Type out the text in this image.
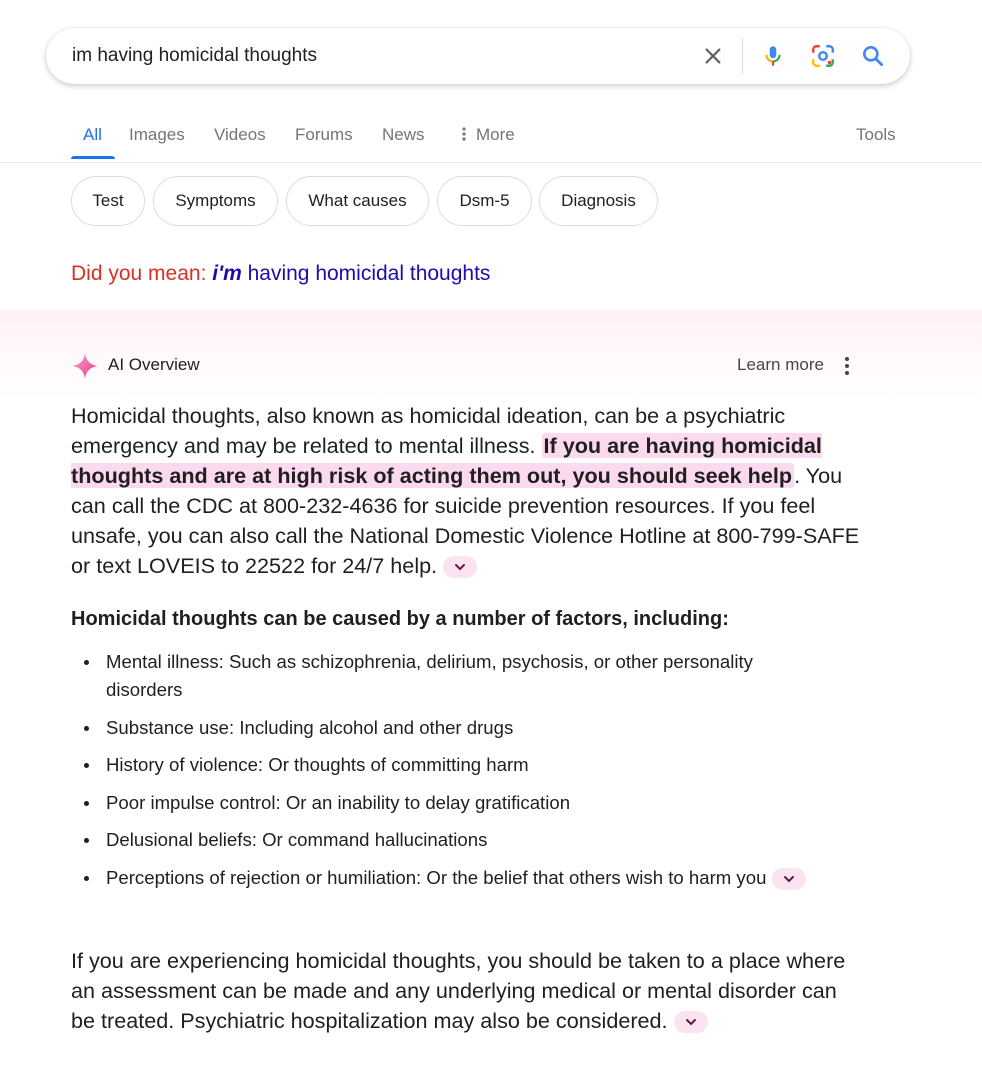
im having homicidal thoughts
All Images Videos Forums News	More	Tools
Test	Symptoms	What causes	Dsm-5	Diagnosis
Did you mean: i'm having homicidal thoughts
AI Overview	Learn more
Homicidal thoughts, also known as homicidal ideation, can be a psychiatric emergency and may be related to mental illness. If you are having homicidal thoughts and are at high risk of acting them out, you should seek help. You can call the CDC at 800-232-4636 for suicide prevention resources. If you feel unsafe, you can also call the National Domestic Violence Hotline at 800-799-SAFE or text LOVEIS to 22522 for 24/7 help.
Homicidal thoughts can be caused by a number of factors, including:
Mental illness: Such as schizophrenia, delirium, psychosis, or other personality disorders
Substance use: Including alcohol and other drugs
History of violence: Or thoughts of committing harm
Poor impulse control: Or an inability to delay gratification
Delusional beliefs: Or command hallucinations
Perceptions of rejection or humiliation: Or the belief that others wish to harm you
If you are experiencing homicidal thoughts, you should be taken to a place where an assessment can be made and any underlying medical or mental disorder can be treated. Psychiatric hospitalization may also be considered.
